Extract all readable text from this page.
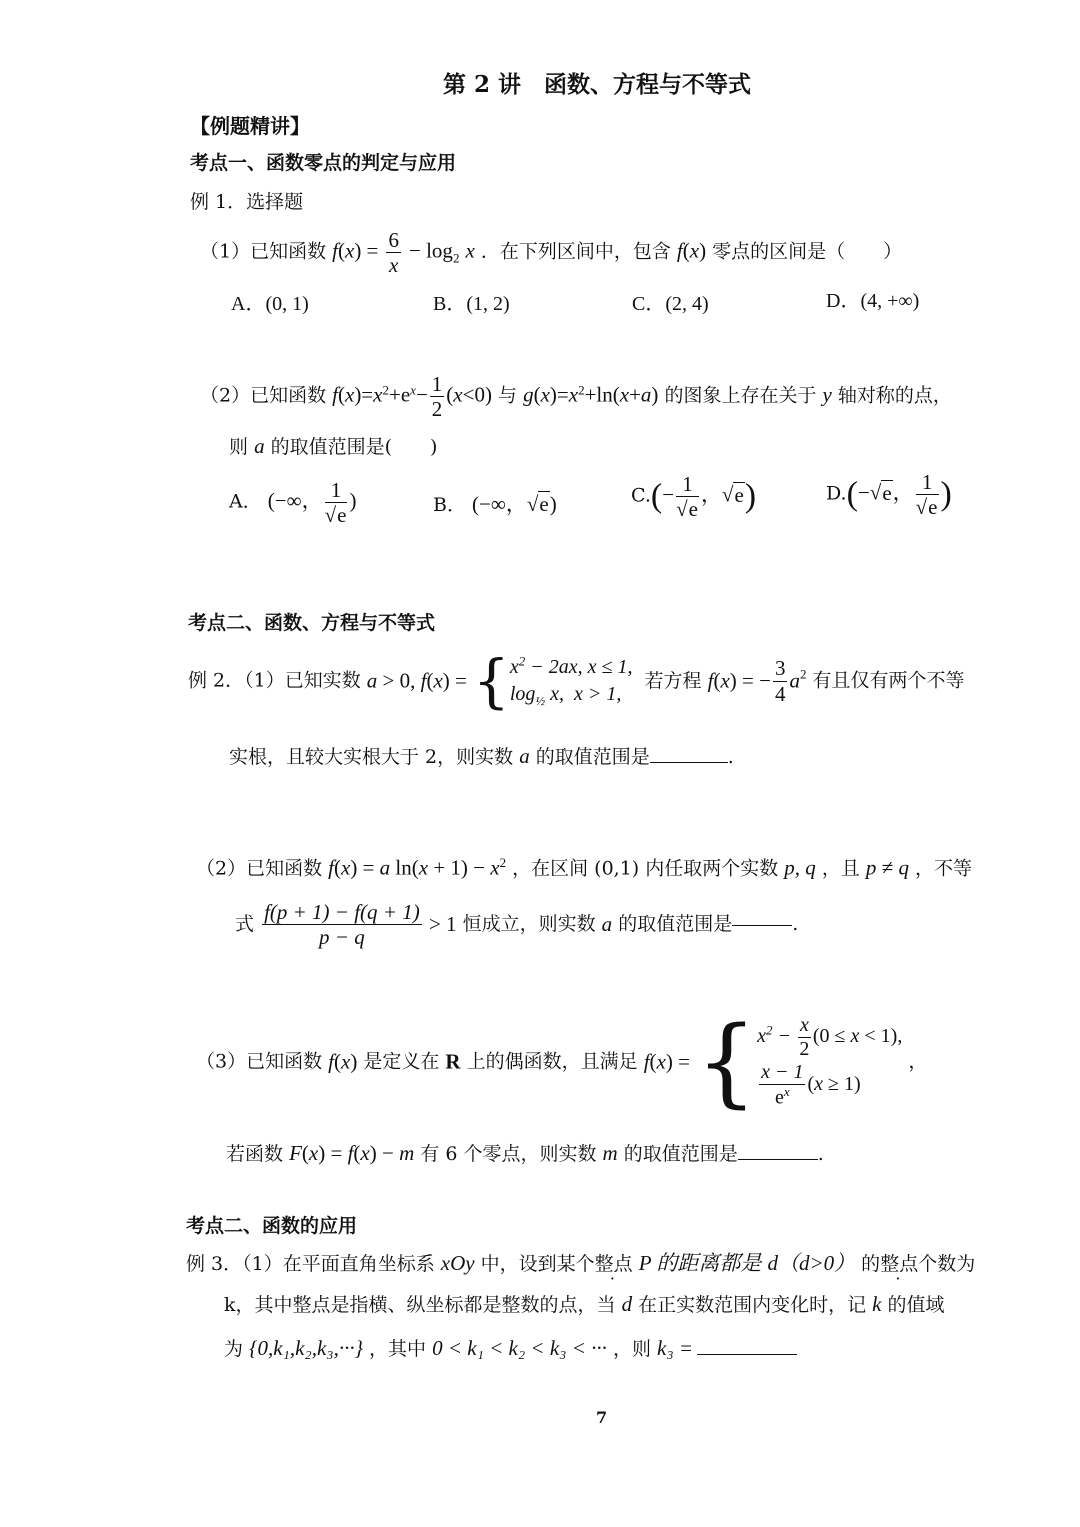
第 2 讲　函数、方程与不等式
【例题精讲】
考点一、函数零点的判定与应用
例 1．选择题
（1）已知函数 $f(x) = \frac{6}{x} - \log_2 x$ ．在下列区间中，包含 f(x) 零点的区间是（　　）
A．(0, 1)	B．(1, 2)	C．(2, 4)	D．(4, +∞)
（2）已知函数 $f(x)=x^2+e^x- \frac{1}{2} (x<0)$ 与 $g(x)=x^2+\ln(x+a)$ 的图象上存在关于 y 轴对称的点，
则 a 的取值范围是(　　)
A． (−∞， $\frac{1}{√e}$ )	B． (−∞，√e)	$C.(- \frac{1}{√e}$ ，√e)	D.(−√e， $\frac{1}{√e}$ )
考点二、函数、方程与不等式
例 2．（1）已知实数 a > 0, $f(x) = \{x^2 - 2ax$, x ≤ 1,
$\log_{\frac{1}{2}} x$,  x > 1, 若方程 f(x) = − $\frac{3}{4} a^2$ 有且仅有两个不等
实根，且较大实根大于 2，则实数 a 的取值范围是	.
（2）已知函数 f(x) = a $\ln(x + 1) - x^2$ ，在区间 (0,1) 内任取两个实数 p, q ，且 p ≠ q ，不等
式 $\frac{f(p + 1) - f(q + 1)}{p - q} > 1$ 恒成立，则实数 a 的取值范围是	.
（3）已知函数 f(x) 是定义在 R 上的偶函数，且满足 $f(x) = \{x^2 - \frac{x}{2} (0 \le x < 1)$,

$\frac{x - 1}{e^x} (x \ge 1)$ ，
若函数 F(x) = f(x) − m 有 6 个零点，则实数 m 的取值范围是	.
考点二、函数的应用
例 3．（1）在平面直角坐标系 xOy 中，设到某个整点 P 的距离都是 d（d>0） 的整点个数为
k，其中整点是指横、纵坐标都是整数的点，当 d 在正实数范围内变化时，记 k 的值域
为 {0,k₁,k₂,k₃,···} ，其中 0 < k₁ < k₂ < k₃ < ··· ，则 k₃ =
7
